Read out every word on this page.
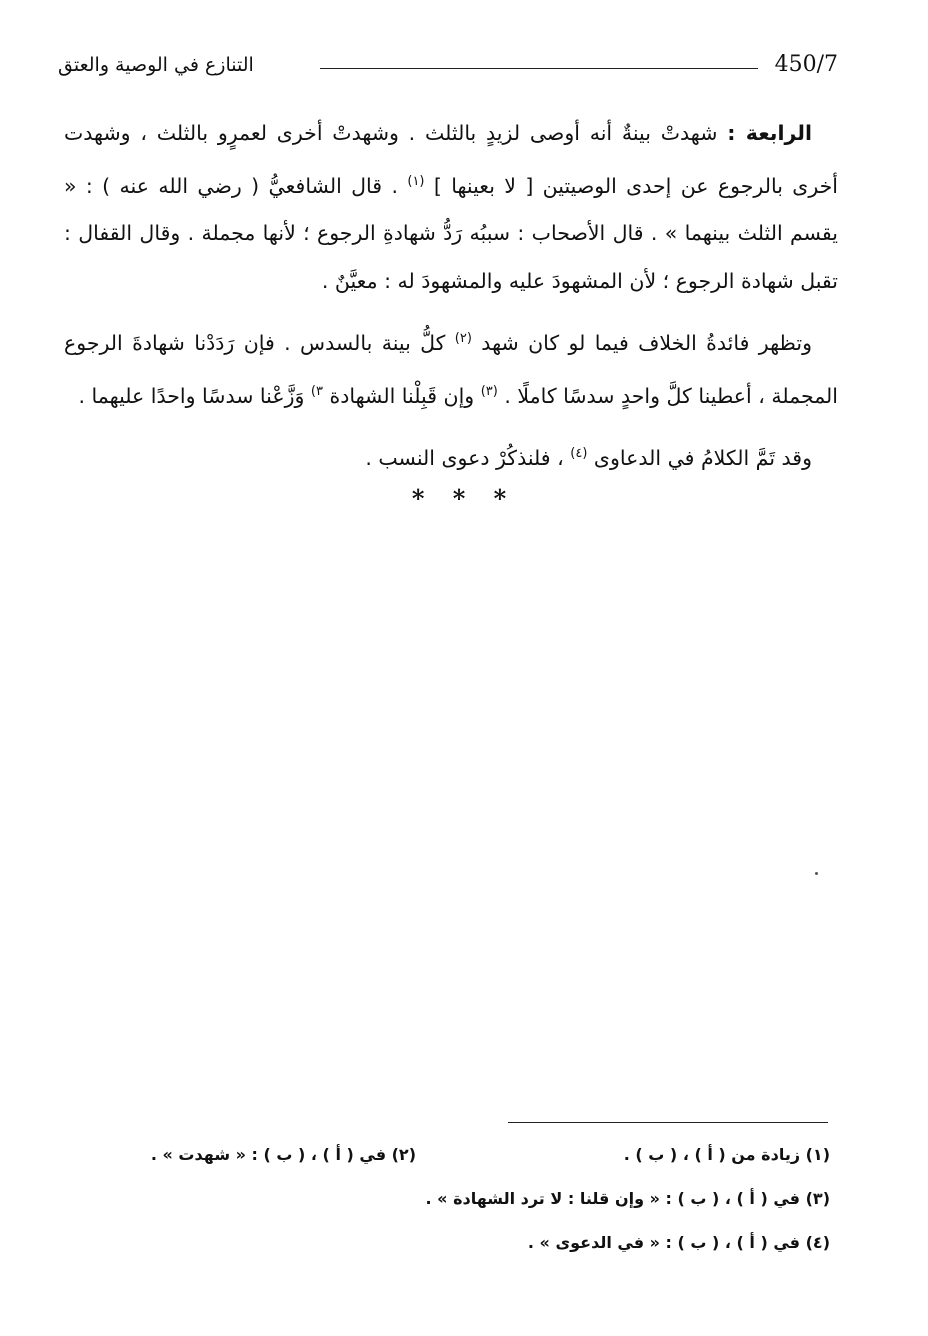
450/7
التنازع في الوصية والعتق

الرابعة : شهدتْ بينةٌ أنه أوصى لزيدٍ بالثلث . وشهدتْ أخرى لعمرٍو بالثلث ، وشهدت أخرى بالرجوع عن إحدى الوصيتين [ لا بعينها ] $^{(١)}$ . قال الشافعيُّ ( رضي الله عنه ) : « يقسم الثلث بينهما » . قال الأصحاب : سببُه رَدُّ شهادةِ الرجوع ؛ لأنها مجملة . وقال القفال : تقبل شهادة الرجوع ؛ لأن المشهودَ عليه والمشهودَ له : معيَّنٌ .

وتظهر فائدةُ الخلاف فيما لو كان شهد $^{(٢)}$ كلُّ بينة بالسدس . فإن رَدَدْنا شهادةَ الرجوع المجملة ، أعطينا كلَّ واحدٍ سدسًا كاملًا . $^{(٣)}$ وإن قَبِلْنا الشهادة $^{٣)}$ وَزَّعْنا سدسًا واحدًا عليهما .

وقد تَمَّ الكلامُ في الدعاوى $^{(٤)}$ ، فلنذكُرْ دعوى النسب .

* * *
(١) زيادة من ( أ ) ، ( ب ) .
(٢) في ( أ ) ، ( ب ) : « شهدت » .
(٣) في ( أ ) ، ( ب ) : « وإن قلنا : لا ترد الشهادة » .
(٤) في ( أ ) ، ( ب ) : « في الدعوى » .
